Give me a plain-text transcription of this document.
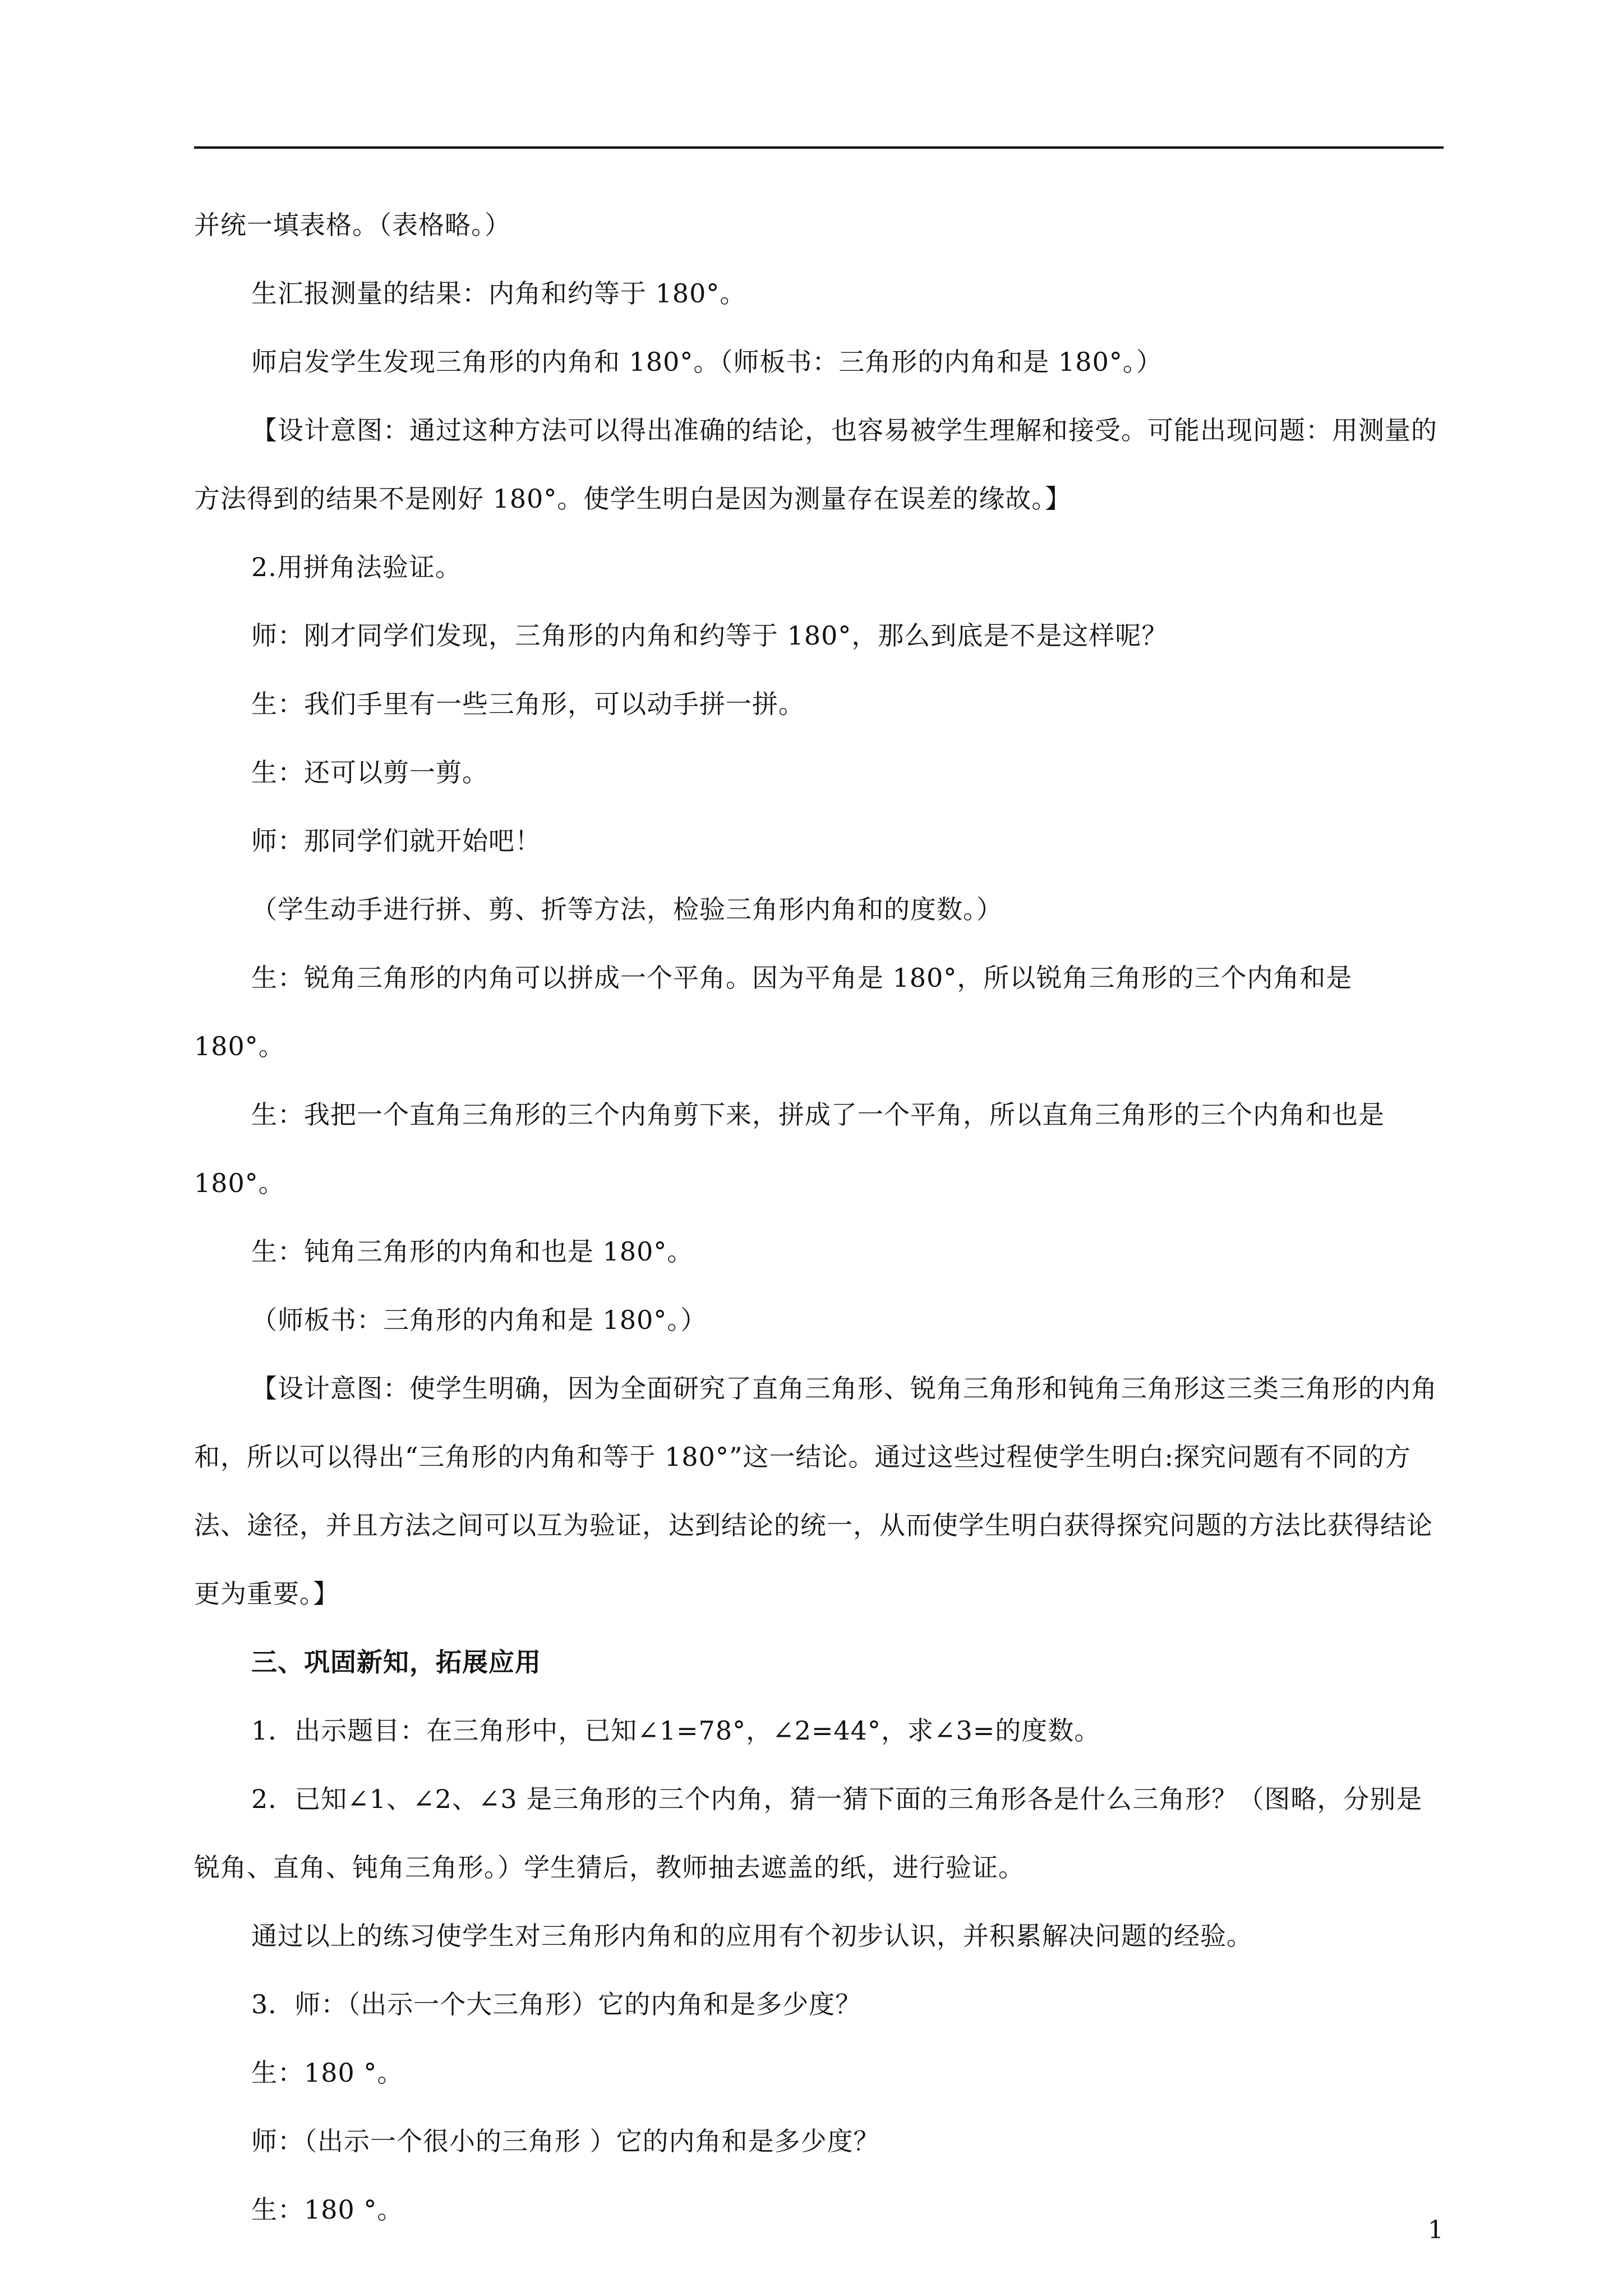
并统一填表格。（表格略。）

生汇报测量的结果：内角和约等于 180°。

师启发学生发现三角形的内角和 180°。（师板书：三角形的内角和是 180°。）

【设计意图：通过这种方法可以得出准确的结论，也容易被学生理解和接受。可能出现问题：用测量的方法得到的结果不是刚好 180°。使学生明白是因为测量存在误差的缘故。】

2.用拼角法验证。

师：刚才同学们发现，三角形的内角和约等于 180°，那么到底是不是这样呢？

生：我们手里有一些三角形，可以动手拼一拼。

生：还可以剪一剪。

师：那同学们就开始吧！

（学生动手进行拼、剪、折等方法，检验三角形内角和的度数。）

生：锐角三角形的内角可以拼成一个平角。因为平角是 180°，所以锐角三角形的三个内角和是 180°。

生：我把一个直角三角形的三个内角剪下来，拼成了一个平角，所以直角三角形的三个内角和也是 180°。

生：钝角三角形的内角和也是 180°。

（师板书：三角形的内角和是 180°。）

【设计意图：使学生明确，因为全面研究了直角三角形、锐角三角形和钝角三角形这三类三角形的内角和，所以可以得出“三角形的内角和等于 180°”这一结论。通过这些过程使学生明白:探究问题有不同的方法、途径，并且方法之间可以互为验证，达到结论的统一，从而使学生明白获得探究问题的方法比获得结论更为重要。】

三、巩固新知，拓展应用

1．出示题目：在三角形中，已知∠1=78°，∠2=44°，求∠3=的度数。

2．已知∠1、∠2、∠3 是三角形的三个内角，猜一猜下面的三角形各是什么三角形？（图略，分别是锐角、直角、钝角三角形。）学生猜后，教师抽去遮盖的纸，进行验证。

通过以上的练习使学生对三角形内角和的应用有个初步认识，并积累解决问题的经验。

3．师：（出示一个大三角形）它的内角和是多少度？

生：180 °。

师：（出示一个很小的三角形 ）它的内角和是多少度？

生：180 °。

1
